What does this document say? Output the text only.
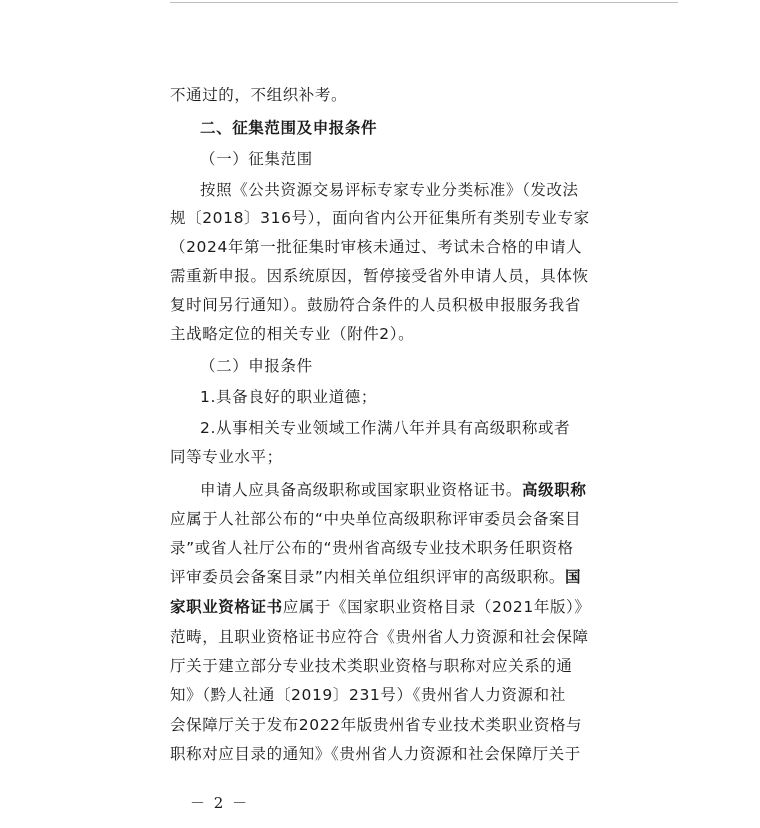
不通过的，不组织补考。
二、征集范围及申报条件
（一）征集范围
按照《公共资源交易评标专家专业分类标准》（发改法
规〔2018〕316号），面向省内公开征集所有类别专业专家
（2024年第一批征集时审核未通过、考试未合格的申请人
需重新申报。因系统原因，暂停接受省外申请人员，具体恢
复时间另行通知）。鼓励符合条件的人员积极申报服务我省
主战略定位的相关专业（附件2）。
（二）申报条件
1.具备良好的职业道德；
2.从事相关专业领域工作满八年并具有高级职称或者
同等专业水平；
申请人应具备高级职称或国家职业资格证书。高级职称
应属于人社部公布的“中央单位高级职称评审委员会备案目
录”或省人社厅公布的“贵州省高级专业技术职务任职资格
评审委员会备案目录”内相关单位组织评审的高级职称。国
家职业资格证书应属于《国家职业资格目录（2021年版）》
范畴，且职业资格证书应符合《贵州省人力资源和社会保障
厅关于建立部分专业技术类职业资格与职称对应关系的通
知》（黔人社通〔2019〕231号）《贵州省人力资源和社
会保障厅关于发布2022年版贵州省专业技术类职业资格与
职称对应目录的通知》《贵州省人力资源和社会保障厅关于
－ 2 －
